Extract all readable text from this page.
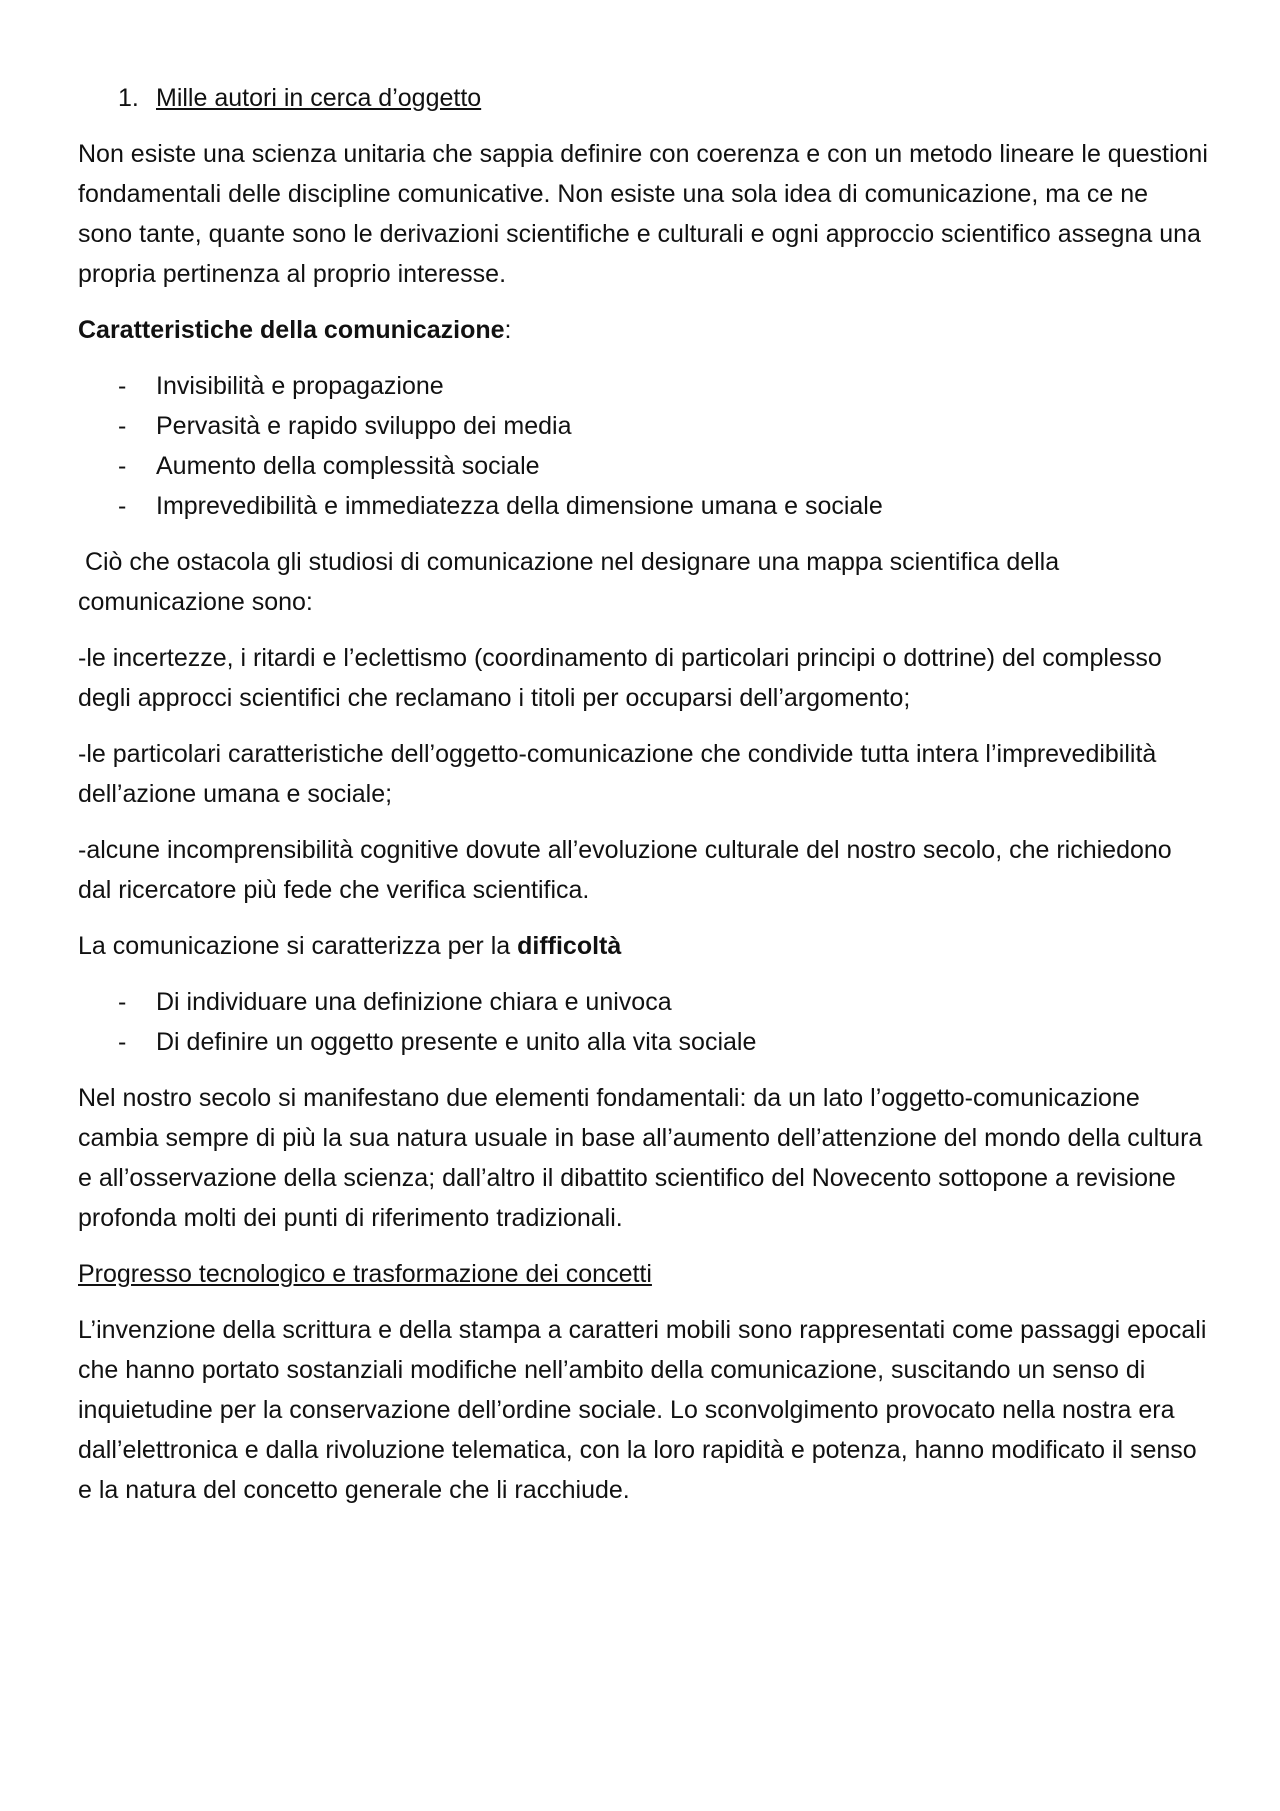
1. Mille autori in cerca d’oggetto

Non esiste una scienza unitaria che sappia definire con coerenza e con un metodo lineare le questioni fondamentali delle discipline comunicative. Non esiste una sola idea di comunicazione, ma ce ne sono tante, quante sono le derivazioni scientifiche e culturali e ogni approccio scientifico assegna una propria pertinenza al proprio interesse.

Caratteristiche della comunicazione:

-	Invisibilità e propagazione
-	Pervasità e rapido sviluppo dei media
-	Aumento della complessità sociale
-	Imprevedibilità e immediatezza della dimensione umana e sociale

Ciò che ostacola gli studiosi di comunicazione nel designare una mappa scientifica della comunicazione sono:

-le incertezze, i ritardi e l’eclettismo (coordinamento di particolari principi o dottrine) del complesso degli approcci scientifici che reclamano i titoli per occuparsi dell’argomento;

-le particolari caratteristiche dell’oggetto-comunicazione che condivide tutta intera l’imprevedibilità dell’azione umana e sociale;

-alcune incomprensibilità cognitive dovute all’evoluzione culturale del nostro secolo, che richiedono dal ricercatore più fede che verifica scientifica.

La comunicazione si caratterizza per la difficoltà

-	Di individuare una definizione chiara e univoca
-	Di definire un oggetto presente e unito alla vita sociale

Nel nostro secolo si manifestano due elementi fondamentali: da un lato l’oggetto-comunicazione cambia sempre di più la sua natura usuale in base all’aumento dell’attenzione del mondo della cultura e all’osservazione della scienza; dall’altro il dibattito scientifico del Novecento sottopone a revisione profonda molti dei punti di riferimento tradizionali.

Progresso tecnologico e trasformazione dei concetti

L’invenzione della scrittura e della stampa a caratteri mobili sono rappresentati come passaggi epocali che hanno portato sostanziali modifiche nell’ambito della comunicazione, suscitando un senso di inquietudine per la conservazione dell’ordine sociale. Lo sconvolgimento provocato nella nostra era dall’elettronica e dalla rivoluzione telematica, con la loro rapidità e potenza, hanno modificato il senso e la natura del concetto generale che li racchiude.
